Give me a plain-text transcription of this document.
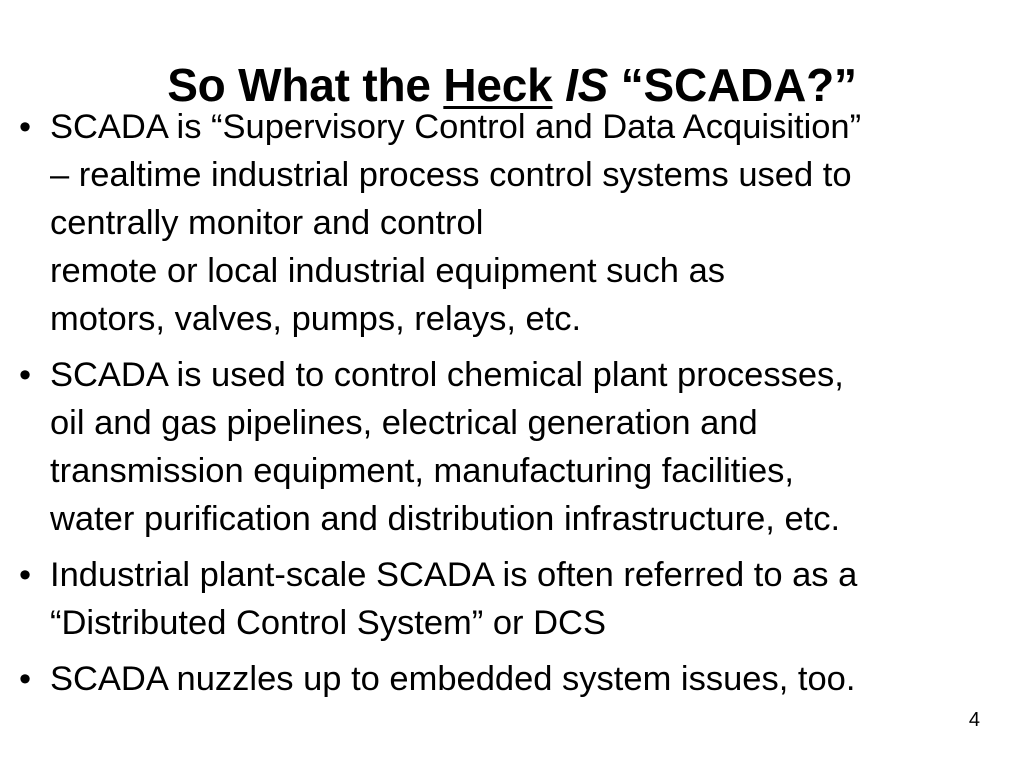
So What the Heck IS “SCADA?”
• SCADA is “Supervisory Control and Data Acquisition”
– realtime industrial process control systems used to
centrally monitor and control
remote or local industrial equipment such as
motors, valves, pumps, relays, etc.
• SCADA is used to control chemical plant processes,
oil and gas pipelines, electrical generation and
transmission equipment, manufacturing facilities,
water purification and distribution infrastructure, etc.
• Industrial plant-scale SCADA is often referred to as a
“Distributed Control System” or DCS
• SCADA nuzzles up to embedded system issues, too.
4
